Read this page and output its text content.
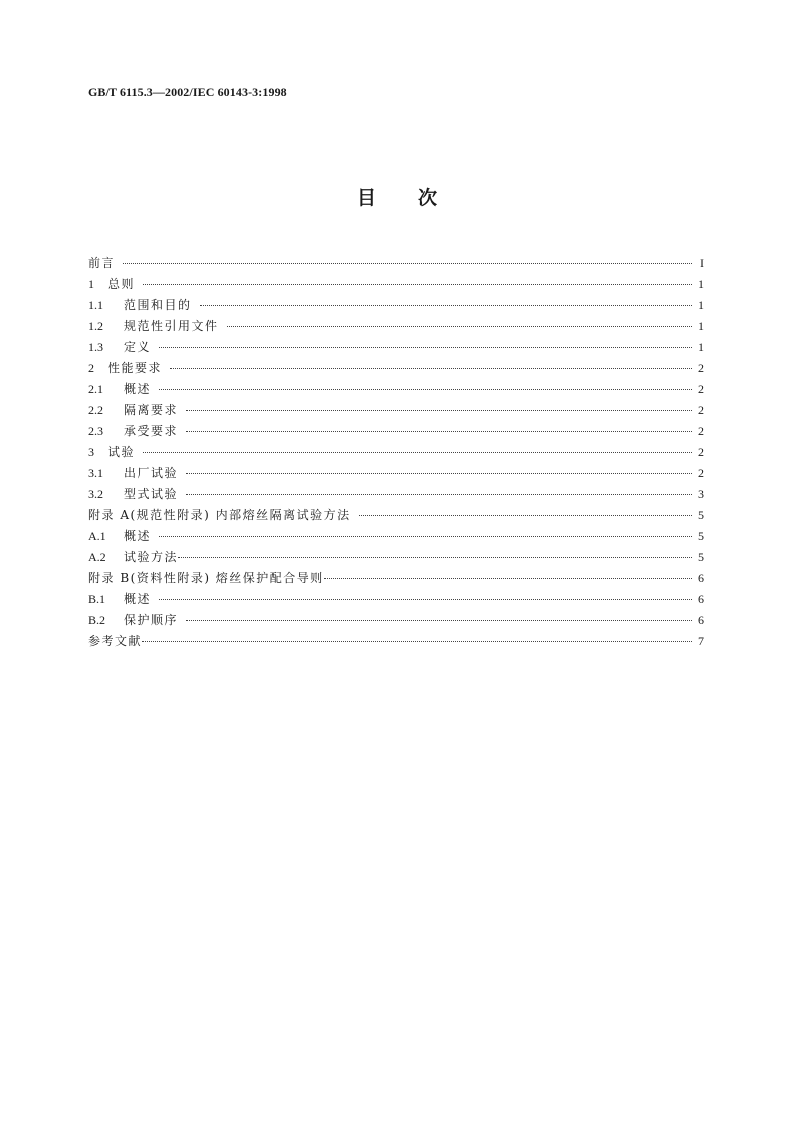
GB/T 6115.3—2002/IEC 60143-3:1998
目次
前言	I
1 总则	1
1.1 范围和目的	1
1.2 规范性引用文件	1
1.3 定义	1
2 性能要求	2
2.1 概述	2
2.2 隔离要求	2
2.3 承受要求	2
3 试验	2
3.1 出厂试验	2
3.2 型式试验	3
附录 A(规范性附录) 内部熔丝隔离试验方法	5
A.1 概述	5
A.2 试验方法	5
附录 B(资料性附录) 熔丝保护配合导则	6
B.1 概述	6
B.2 保护顺序	6
参考文献	7
